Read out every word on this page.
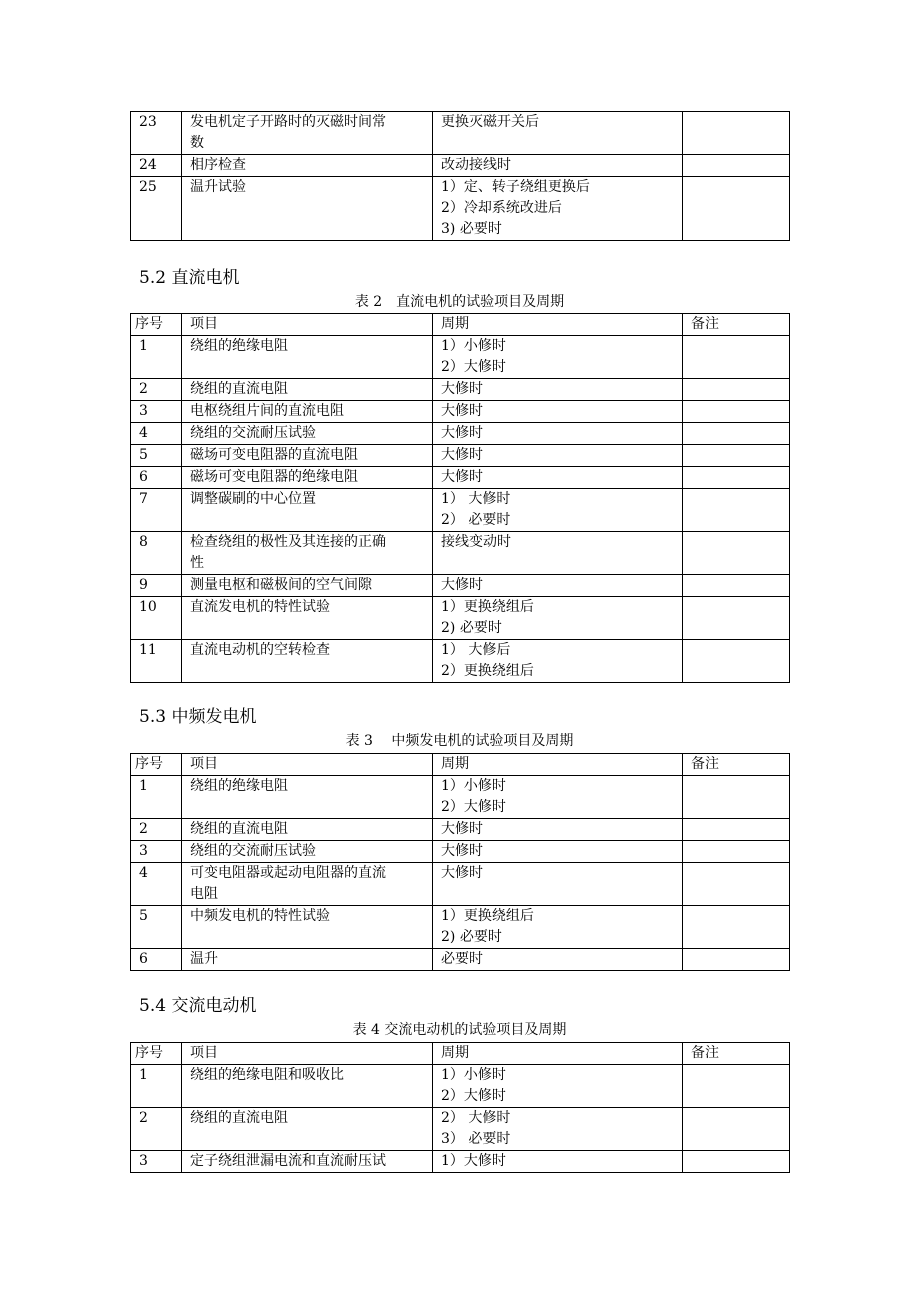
23	发电机定子开路时的灭磁时间常
数	更换灭磁开关后	
24	相序检查	改动接线时	
25	温升试验	1）定、转子绕组更换后
2）冷却系统改进后
3) 必要时	
5.2 直流电机
表 2　直流电机的试验项目及周期
序号	项目	周期	备注
1	绕组的绝缘电阻	1）小修时
2）大修时	
2	绕组的直流电阻	大修时	
3	电枢绕组片间的直流电阻	大修时	
4	绕组的交流耐压试验	大修时	
5	磁场可变电阻器的直流电阻	大修时	
6	磁场可变电阻器的绝缘电阻	大修时	
7	调整碳刷的中心位置	1） 大修时
2） 必要时	
8	检查绕组的极性及其连接的正确
性	接线变动时	
9	测量电枢和磁极间的空气间隙	大修时	
10	直流发电机的特性试验	1）更换绕组后
2) 必要时	
11	直流电动机的空转检查	1） 大修后
2）更换绕组后	
5.3 中频发电机
表 3　 中频发电机的试验项目及周期
序号	项目	周期	备注
1	绕组的绝缘电阻	1）小修时
2）大修时	
2	绕组的直流电阻	大修时	
3	绕组的交流耐压试验	大修时	
4	可变电阻器或起动电阻器的直流
电阻	大修时	
5	中频发电机的特性试验	1）更换绕组后
2) 必要时	
6	温升	必要时	
5.4 交流电动机
表 4 交流电动机的试验项目及周期
序号	项目	周期	备注
1	绕组的绝缘电阻和吸收比	1）小修时
2）大修时	
2	绕组的直流电阻	2） 大修时
3） 必要时	
3	定子绕组泄漏电流和直流耐压试	1）大修时	
